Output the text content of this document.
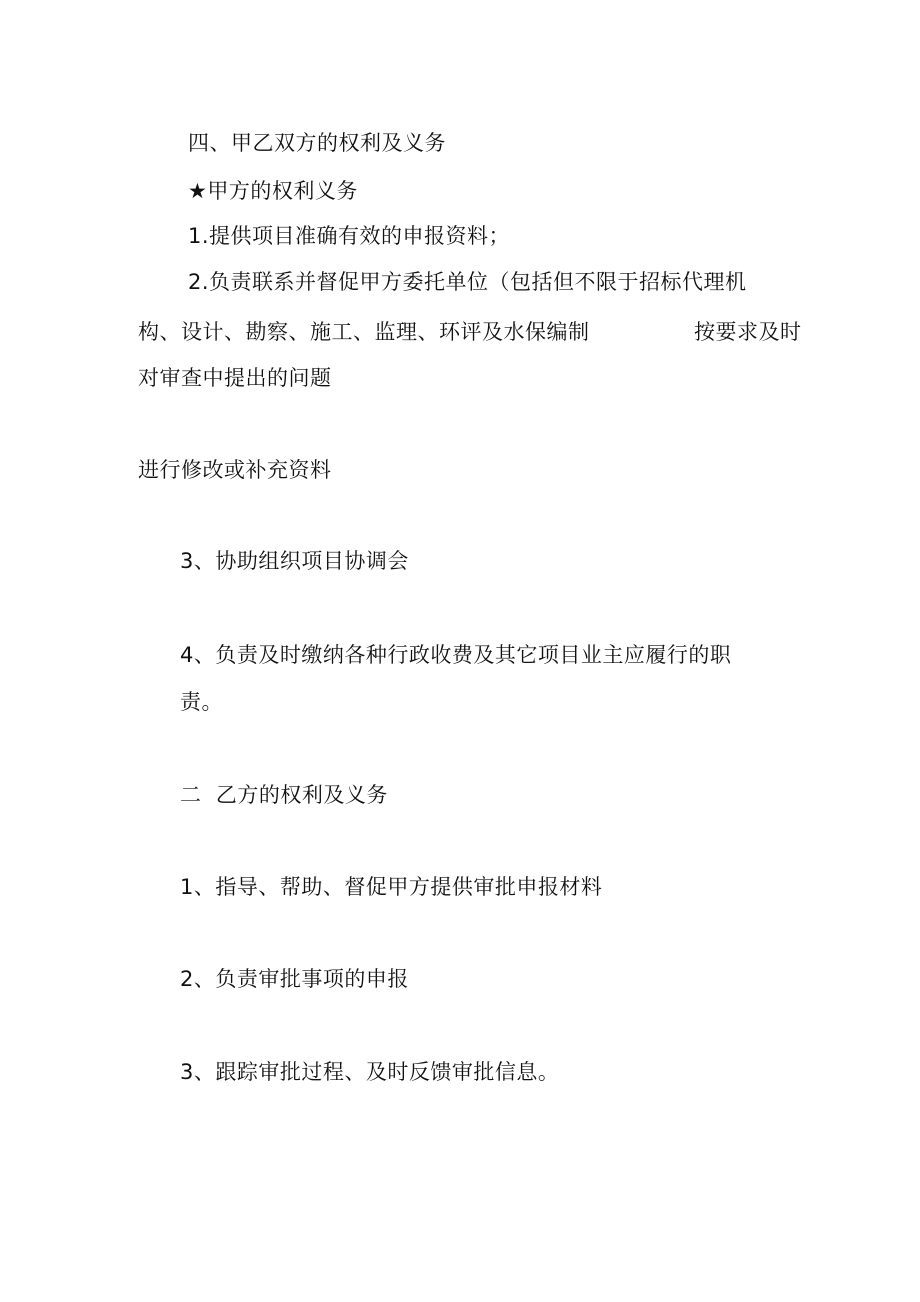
四、甲乙双方的权利及义务
★甲方的权利义务
1.提供项目准确有效的申报资料；
2.负责联系并督促甲方委托单位（包括但不限于招标代理机
构、设计、勘察、施工、监理、环评及水保编制	按要求及时
对审查中提出的问题
进行修改或补充资料
3、协助组织项目协调会
4、负责及时缴纳各种行政收费及其它项目业主应履行的职
责。
二  乙方的权利及义务
1、指导、帮助、督促甲方提供审批申报材料
2、负责审批事项的申报
3、跟踪审批过程、及时反馈审批信息。
